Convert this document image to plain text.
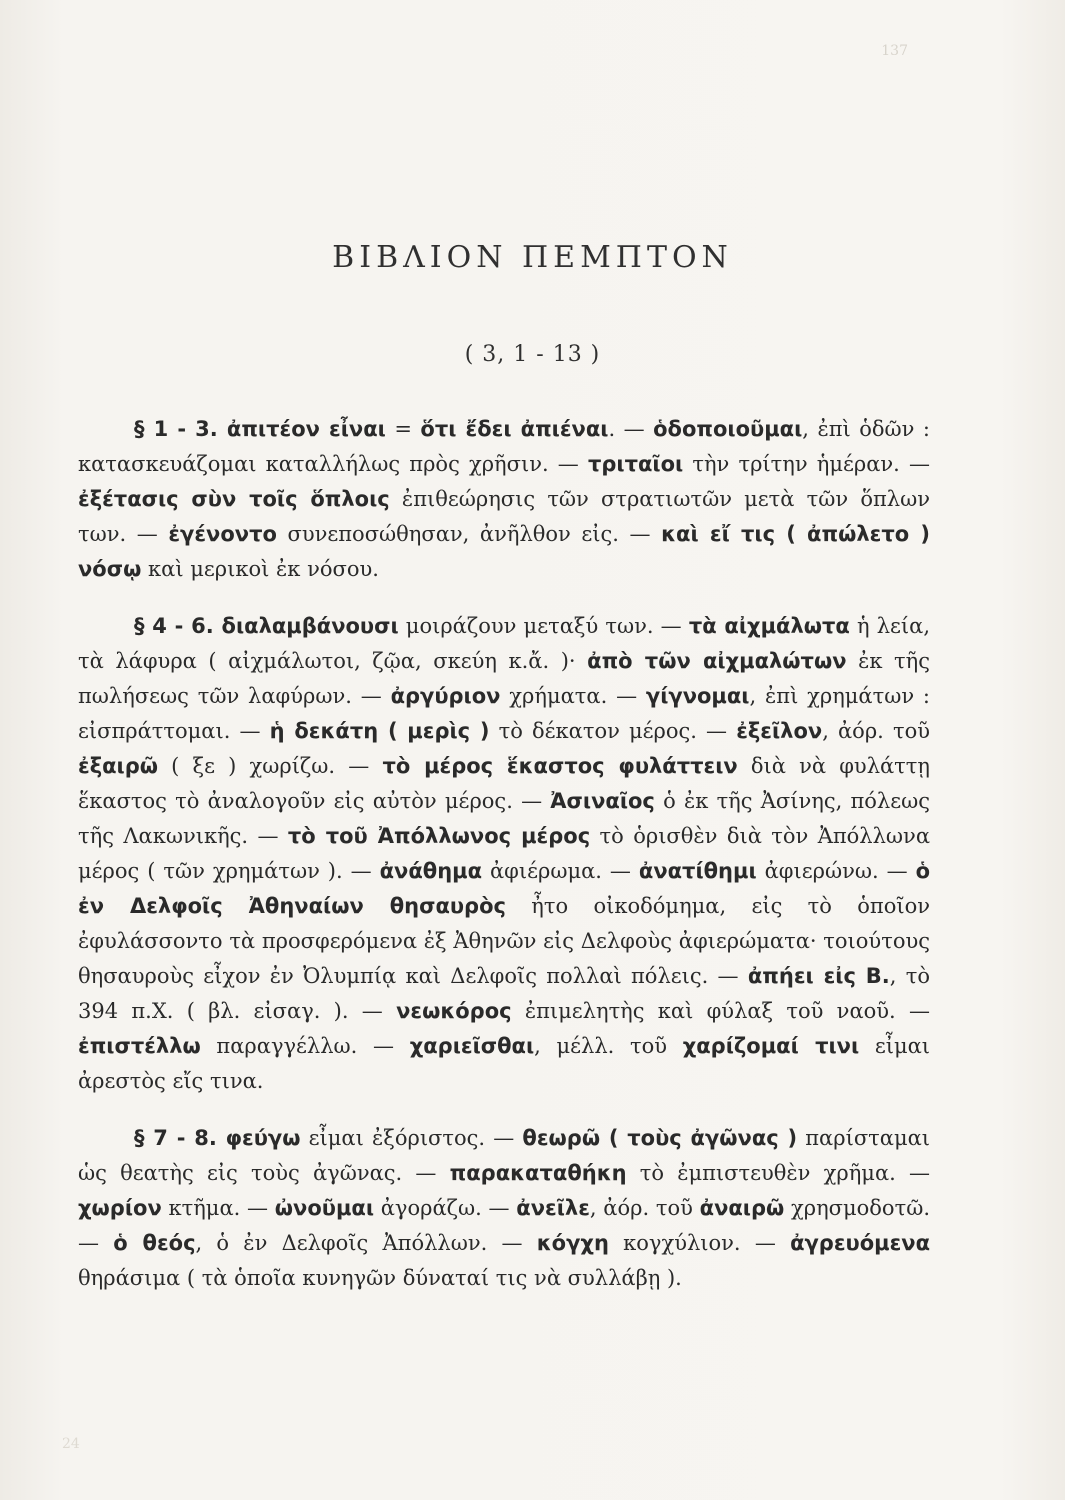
137
ΒΙΒΛΙΟΝ ΠΕΜΠΤΟΝ
( 3, 1 - 13 )

§ 1 - 3. ἀπιτέον εἶναι = ὅτι ἔδει ἀπιέναι. — ὁδοποιοῦμαι, ἐπὶ ὁδῶν : κατασκευάζομαι καταλλήλως πρὸς χρῆσιν. — τριταῖοι τὴν τρίτην ἡμέραν. — ἐξέτασις σὺν τοῖς ὅπλοις ἐπιθεώρησις τῶν στρατιωτῶν μετὰ τῶν ὅπλων των. — ἐγένοντο συνεποσώθησαν, ἀνῆλθον εἰς. — καὶ εἴ τις ( ἀπώλετο ) νόσῳ καὶ μερικοὶ ἐκ νόσου.

§ 4 - 6. διαλαμβάνουσι μοιράζουν μεταξύ των. — τὰ αἰχμάλωτα ἡ λεία, τὰ λάφυρα ( αἰχμάλωτοι, ζῷα, σκεύη κ.ἄ. )· ἀπὸ τῶν αἰχμαλώτων ἐκ τῆς πωλήσεως τῶν λαφύρων. — ἀργύριον χρήματα. — γίγνομαι, ἐπὶ χρημάτων : εἰσπράττομαι. — ἡ δεκάτη ( μερὶς ) τὸ δέκατον μέρος. — ἐξεῖλον, ἀόρ. τοῦ ἐξαιρῶ ( ξε ) χωρίζω. — τὸ μέρος ἕκαστος φυλάττειν διὰ νὰ φυλάττῃ ἕκαστος τὸ ἀναλογοῦν εἰς αὐτὸν μέρος. — Ἀσιναῖος ὁ ἐκ τῆς Ἀσίνης, πόλεως τῆς Λακωνικῆς. — τὸ τοῦ Ἀπόλλωνος μέρος τὸ ὁρισθὲν διὰ τὸν Ἀπόλλωνα μέρος ( τῶν χρημάτων ). — ἀνάθημα ἀφιέρωμα. — ἀνατίθημι ἀφιερώνω. — ὁ ἐν Δελφοῖς Ἀθηναίων θησαυρὸς ἦτο οἰκοδόμημα, εἰς τὸ ὁποῖον ἐφυλάσσοντο τὰ προσφερόμενα ἐξ Ἀθηνῶν εἰς Δελφοὺς ἀφιερώματα· τοιούτους θησαυροὺς εἶχον ἐν Ὀλυμπίᾳ καὶ Δελφοῖς πολλαὶ πόλεις. — ἀπήει εἰς Β., τὸ 394 π.Χ. ( βλ. εἰσαγ. ). — νεωκόρος ἐπιμελητὴς καὶ φύλαξ τοῦ ναοῦ. —ἐπιστέλλω παραγγέλλω. — χαριεῖσθαι, μέλλ. τοῦ χαρίζομαί τινι εἶμαι ἀρεστὸς εἴς τινα.

§ 7 - 8. φεύγω εἶμαι ἐξόριστος. — θεωρῶ ( τοὺς ἀγῶνας ) παρίσταμαι ὡς θεατὴς εἰς τοὺς ἀγῶνας. — παρακαταθήκη τὸ ἐμπιστευθὲν χρῆμα. — χωρίον κτῆμα. — ὠνοῦμαι ἀγοράζω. — ἀνεῖλε, ἀόρ. τοῦ ἀναιρῶ χρησμοδοτῶ. — ὁ θεός, ὁ ἐν Δελφοῖς Ἀπόλλων. — κόγχη κογχύλιον. — ἀγρευόμενα θηράσιμα ( τὰ ὁποῖα κυνηγῶν δύναταί τις νὰ συλλάβῃ ).

24
